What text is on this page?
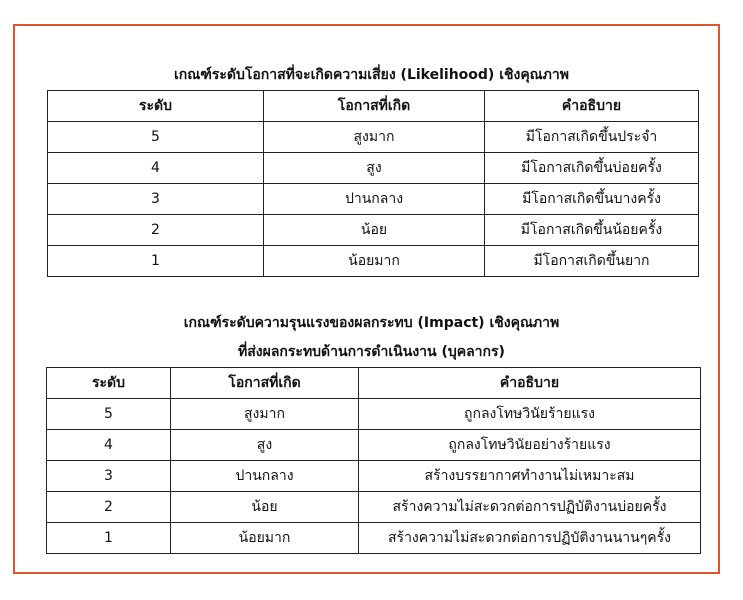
เกณฑ์ระดับโอกาสที่จะเกิดความเสี่ยง (Likelihood) เชิงคุณภาพ
ระดับ	โอกาสที่เกิด	คำอธิบาย
5	สูงมาก	มีโอกาสเกิดขึ้นประจำ
4	สูง	มีโอกาสเกิดขึ้นบ่อยครั้ง
3	ปานกลาง	มีโอกาสเกิดขึ้นบางครั้ง
2	น้อย	มีโอกาสเกิดขึ้นน้อยครั้ง
1	น้อยมาก	มีโอกาสเกิดขึ้นยาก
เกณฑ์ระดับความรุนแรงของผลกระทบ (Impact) เชิงคุณภาพ
ที่ส่งผลกระทบด้านการดำเนินงาน (บุคลากร)
ระดับ	โอกาสที่เกิด	คำอธิบาย
5	สูงมาก	ถูกลงโทษวินัยร้ายแรง
4	สูง	ถูกลงโทษวินัยอย่างร้ายแรง
3	ปานกลาง	สร้างบรรยากาศทำงานไม่เหมาะสม
2	น้อย	สร้างความไม่สะดวกต่อการปฏิบัติงานบ่อยครั้ง
1	น้อยมาก	สร้างความไม่สะดวกต่อการปฏิบัติงานนานๆครั้ง
